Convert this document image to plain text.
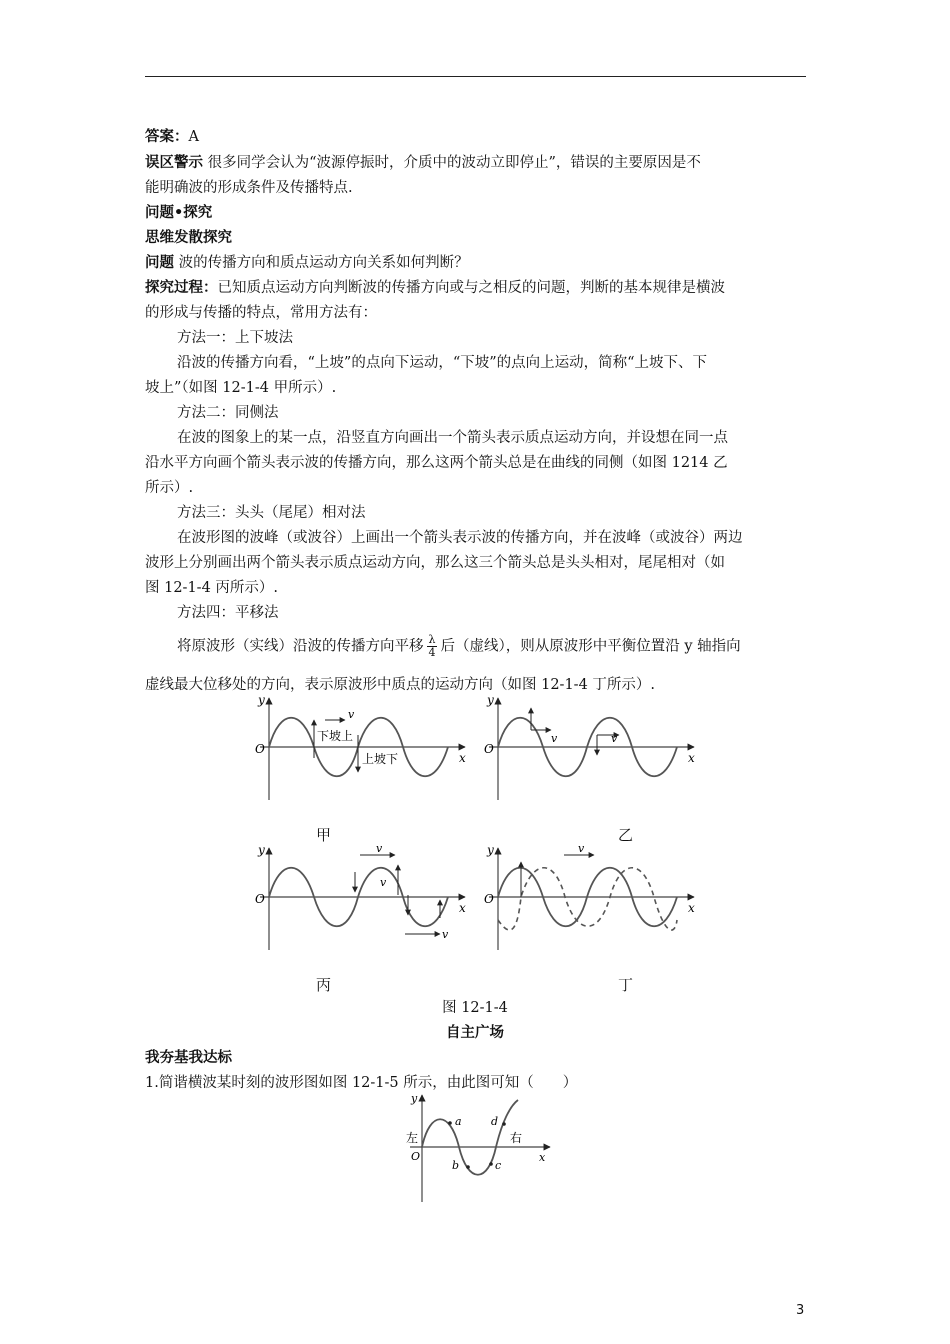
答案：A
误区警示 很多同学会认为“波源停振时，介质中的波动立即停止”，错误的主要原因是不
能明确波的形成条件及传播特点.
问题•探究
思维发散探究
问题 波的传播方向和质点运动方向关系如何判断？
探究过程：已知质点运动方向判断波的传播方向或与之相反的问题，判断的基本规律是横波
的形成与传播的特点，常用方法有：
方法一：上下坡法
沿波的传播方向看，“上坡”的点向下运动，“下坡”的点向上运动，简称“上坡下、下
坡上”（如图 12-1-4 甲所示）.
方法二：同侧法
在波的图象上的某一点，沿竖直方向画出一个箭头表示质点运动方向，并设想在同一点
沿水平方向画个箭头表示波的传播方向，那么这两个箭头总是在曲线的同侧（如图 1214 乙
所示）.
方法三：头头（尾尾）相对法
在波形图的波峰（或波谷）上画出一个箭头表示波的传播方向，并在波峰（或波谷）两边
波形上分别画出两个箭头表示质点运动方向，那么这三个箭头总是头头相对，尾尾相对（如
图 12-1-4 丙所示）.
方法四：平移法
将原波形（实线）沿波的传播方向平移 $\frac{\lambda}{4}$ 后（虚线），则从原波形中平衡位置沿 y 轴指向
虚线最大位移处的方向，表示原波形中质点的运动方向（如图 12-1-4 丁所示）.
y
x
O
v
下坡上
上坡下
y
x
O
v	v
y
x
O
v
v
v
y
x
O
v
甲	乙
丙	丁
图 12-1-4
自主广场
我夯基我达标
1.简谐横波某时刻的波形图如图 12-1-5 所示，由此图可知（　　）
y
x
O
左	右
a
b	c
d
3
